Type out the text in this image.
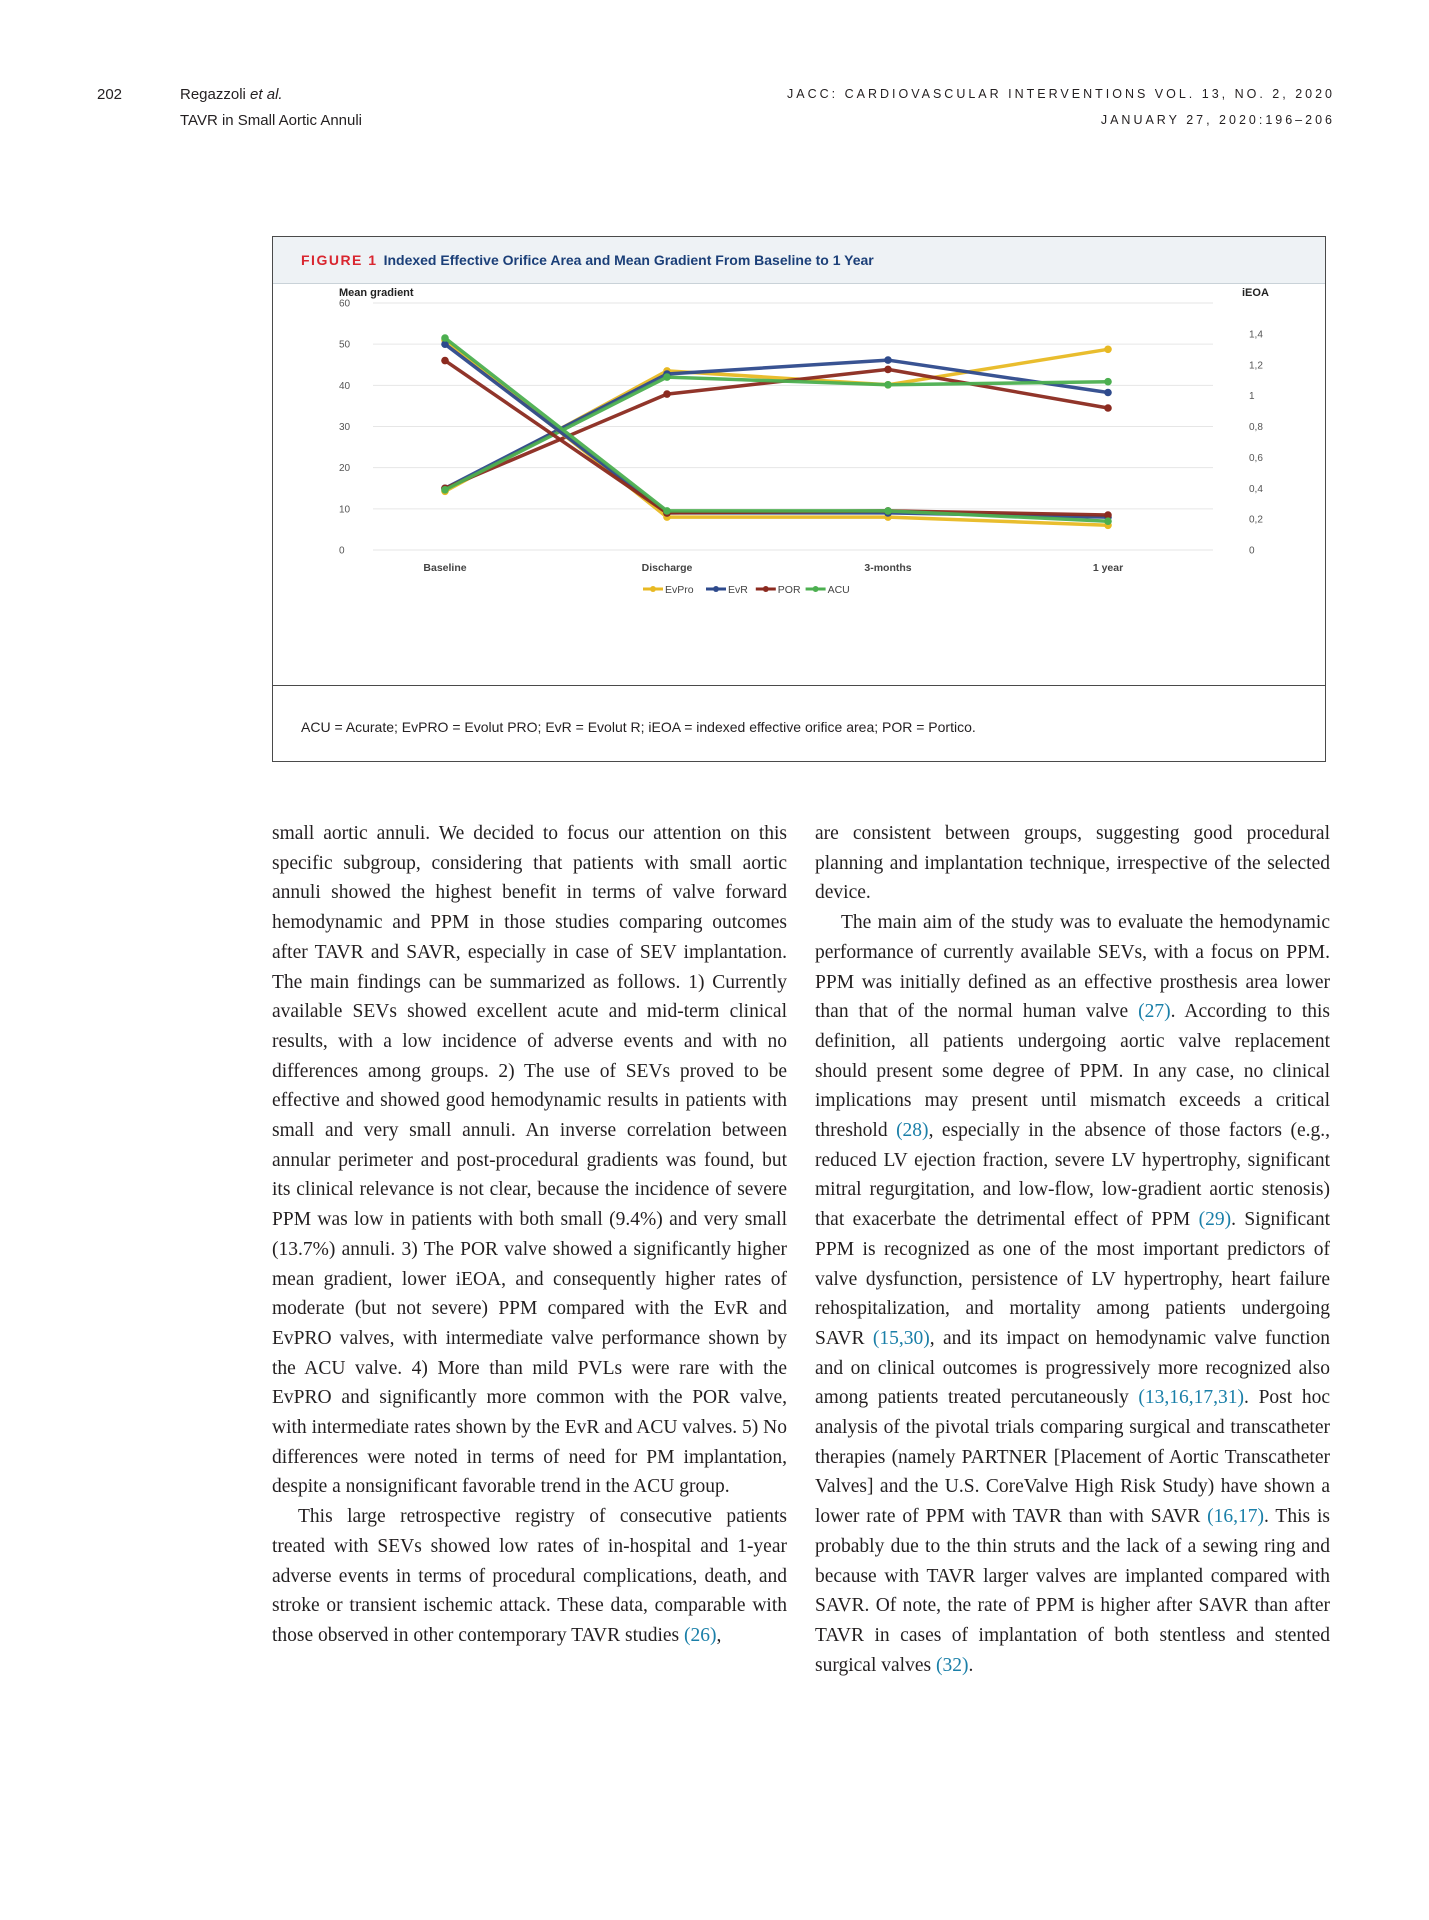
202	Regazzoli et al.
TAVR in Small Aortic Annuli
JACC: CARDIOVASCULAR INTERVENTIONS VOL. 13, NO. 2, 2020
JANUARY 27, 2020:196–206
FIGURE 1 Indexed Effective Orifice Area and Mean Gradient From Baseline to 1 Year
0
10
20
30
40
50
60
0
0,2
0,4
0,6
0,8
1
1,2
1,4
Mean gradient	iEOA
Baseline	Discharge	3-months	1 year
EvPro	EvR	POR	ACU
ACU = Acurate; EvPRO = Evolut PRO; EvR = Evolut R; iEOA = indexed effective orifice area; POR = Portico.

small aortic annuli. We decided to focus our attention on this specific subgroup, considering that patients with small aortic annuli showed the highest benefit in terms of valve forward hemodynamic and PPM in those studies comparing outcomes after TAVR and SAVR, especially in case of SEV implantation. The main findings can be summarized as follows. 1) Currently available SEVs showed excellent acute and mid-term clinical results, with a low incidence of adverse events and with no differences among groups. 2) The use of SEVs proved to be effective and showed good hemodynamic results in patients with small and very small annuli. An inverse correlation between annular perimeter and post-procedural gradients was found, but its clinical relevance is not clear, because the incidence of severe PPM was low in patients with both small (9.4%) and very small (13.7%) annuli. 3) The POR valve showed a significantly higher mean gradient, lower iEOA, and consequently higher rates of moderate (but not severe) PPM compared with the EvR and EvPRO valves, with intermediate valve performance shown by the ACU valve. 4) More than mild PVLs were rare with the EvPRO and significantly more common with the POR valve, with intermediate rates shown by the EvR and ACU valves. 5) No differences were noted in terms of need for PM implantation, despite a nonsignificant favorable trend in the ACU group.

This large retrospective registry of consecutive patients treated with SEVs showed low rates of in-hospital and 1-year adverse events in terms of procedural complications, death, and stroke or transient ischemic attack. These data, comparable with those observed in other contemporary TAVR studies (26),

are consistent between groups, suggesting good procedural planning and implantation technique, irrespective of the selected device.

The main aim of the study was to evaluate the hemodynamic performance of currently available SEVs, with a focus on PPM. PPM was initially defined as an effective prosthesis area lower than that of the normal human valve (27). According to this definition, all patients undergoing aortic valve replacement should present some degree of PPM. In any case, no clinical implications may present until mismatch exceeds a critical threshold (28), especially in the absence of those factors (e.g., reduced LV ejection fraction, severe LV hypertrophy, significant mitral regurgitation, and low-flow, low-gradient aortic stenosis) that exacerbate the detrimental effect of PPM (29). Significant PPM is recognized as one of the most important predictors of valve dysfunction, persistence of LV hypertrophy, heart failure rehospitalization, and mortality among patients undergoing SAVR (15,30), and its impact on hemodynamic valve function and on clinical outcomes is progressively more recognized also among patients treated percutaneously (13,16,17,31). Post hoc analysis of the pivotal trials comparing surgical and transcatheter therapies (namely PARTNER [Placement of Aortic Transcatheter Valves] and the U.S. CoreValve High Risk Study) have shown a lower rate of PPM with TAVR than with SAVR (16,17). This is probably due to the thin struts and the lack of a sewing ring and because with TAVR larger valves are implanted compared with SAVR. Of note, the rate of PPM is higher after SAVR than after TAVR in cases of implantation of both stentless and stented surgical valves (32).
